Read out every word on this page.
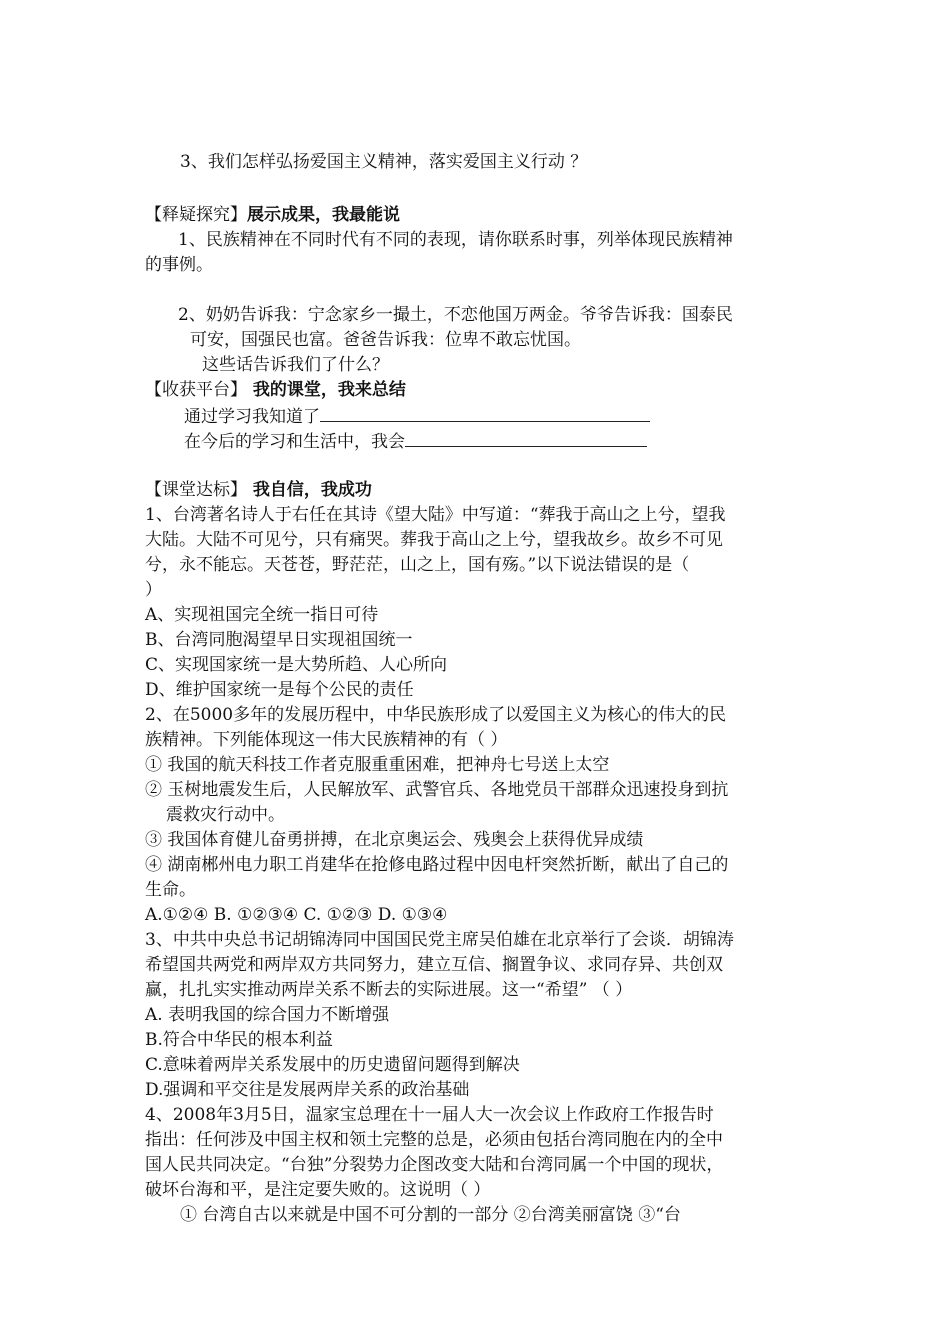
3、我们怎样弘扬爱国主义精神，落实爱国主义行动 ？
【释疑探究】展示成果，我最能说
1、民族精神在不同时代有不同的表现，请你联系时事，列举体现民族精神
的事例。
2、奶奶告诉我：宁念家乡一撮土，不恋他国万两金。爷爷告诉我：国泰民
可安，国强民也富。爸爸告诉我：位卑不敢忘忧国。
这些话告诉我们了什么？
【收获平台】 我的课堂，我来总结
通过学习我知道了
在今后的学习和生活中，我会
【课堂达标】 我自信，我成功
1、台湾著名诗人于右任在其诗《望大陆》中写道：“葬我于高山之上兮，望我
大陆。大陆不可见兮，只有痛哭。葬我于高山之上兮，望我故乡。故乡不可见
兮，永不能忘。天苍苍，野茫茫，山之上，国有殇。”以下说法错误的是（
）
A、实现祖国完全统一指日可待
B、台湾同胞渴望早日实现祖国统一
C、实现国家统一是大势所趋、人心所向
D、维护国家统一是每个公民的责任
2、在5000多年的发展历程中，中华民族形成了以爱国主义为核心的伟大的民
族精神。下列能体现这一伟大民族精神的有（ ）
① 我国的航天科技工作者克服重重困难，把神舟七号送上太空
② 玉树地震发生后，人民解放军、武警官兵、各地党员干部群众迅速投身到抗
震救灾行动中。
③ 我国体育健儿奋勇拼搏，在北京奥运会、残奥会上获得优异成绩
④ 湖南郴州电力职工肖建华在抢修电路过程中因电杆突然折断，献出了自己的
生命。
A.①②④ B. ①②③④ C. ①②③ D. ①③④
3、中共中央总书记胡锦涛同中国国民党主席吴伯雄在北京举行了会谈．胡锦涛
希望国共两党和两岸双方共同努力，建立互信、搁置争议、求同存异、共创双
赢，扎扎实实推动两岸关系不断去的实际进展。这一“希望” （ ）
A. 表明我国的综合国力不断增强
B.符合中华民的根本利益
C.意味着两岸关系发展中的历史遗留问题得到解决
D.强调和平交往是发展两岸关系的政治基础
4、2008年3月5日，温家宝总理在十一届人大一次会议上作政府工作报告时
指出：任何涉及中国主权和领土完整的总是，必须由包括台湾同胞在内的全中
国人民共同决定。“台独”分裂势力企图改变大陆和台湾同属一个中国的现状，
破坏台海和平，是注定要失败的。这说明（ ）
① 台湾自古以来就是中国不可分割的一部分 ②台湾美丽富饶 ③“台
